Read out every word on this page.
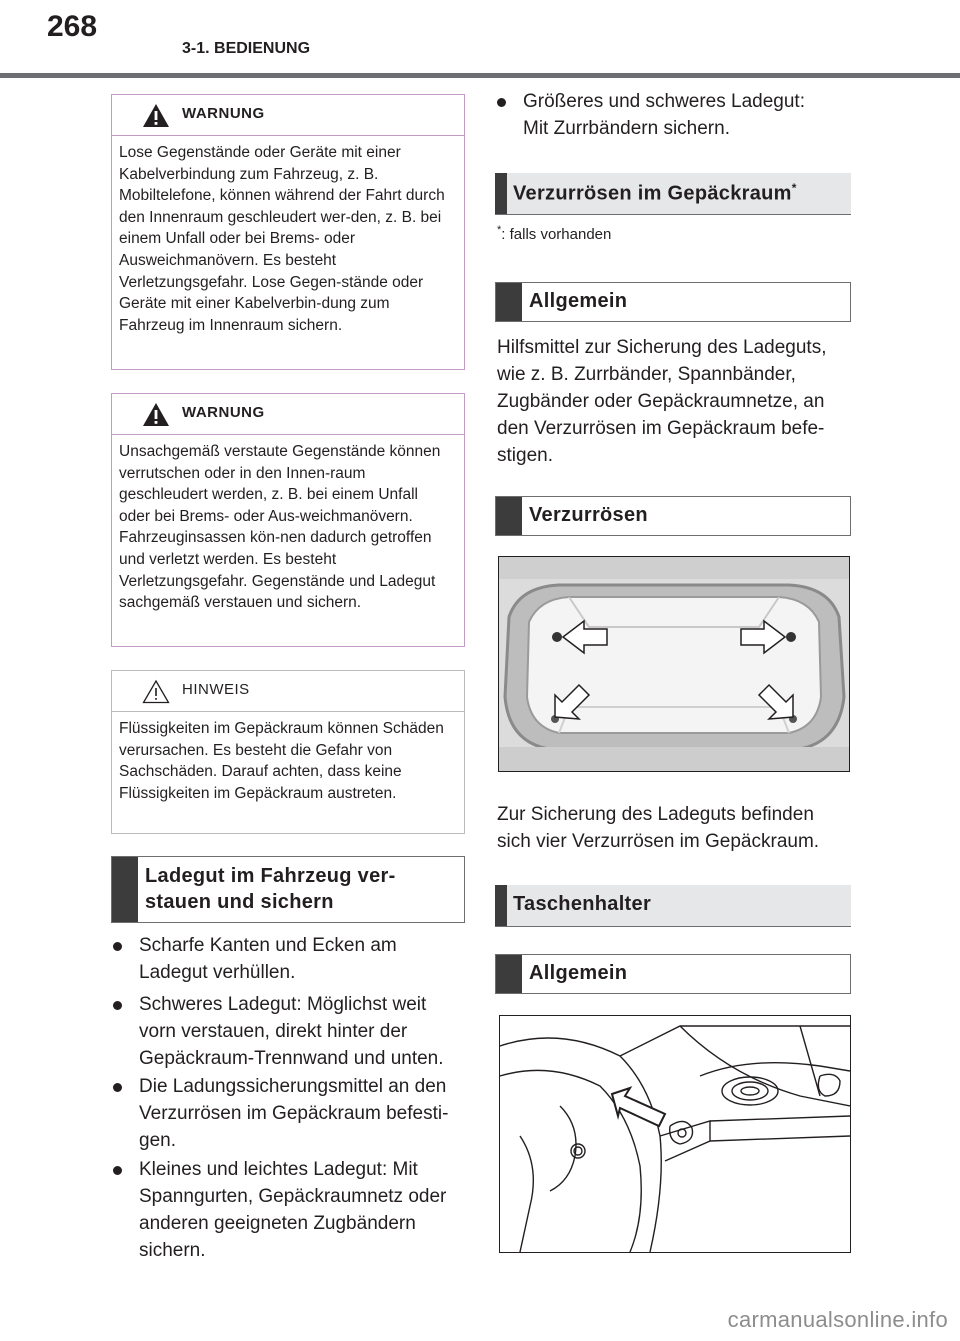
268
3-1. BEDIENUNG
WARNUNG
Lose Gegenstände oder Geräte mit einer Kabelverbindung zum Fahrzeug, z. B. Mobiltelefone, können während der Fahrt durch den Innenraum geschleudert wer-den, z. B. bei einem Unfall oder bei Brems- oder Ausweichmanövern. Es besteht Verletzungsgefahr. Lose Gegen-stände oder Geräte mit einer Kabelverbin-dung zum Fahrzeug im Innenraum sichern.
WARNUNG
Unsachgemäß verstaute Gegenstände können verrutschen oder in den Innen-raum geschleudert werden, z. B. bei einem Unfall oder bei Brems- oder Aus-weichmanövern. Fahrzeuginsassen kön-nen dadurch getroffen und verletzt werden. Es besteht Verletzungsgefahr. Gegenstände und Ladegut sachgemäß verstauen und sichern.
HINWEIS
Flüssigkeiten im Gepäckraum können Schäden verursachen. Es besteht die Gefahr von Sachschäden. Darauf achten, dass keine Flüssigkeiten im Gepäckraum austreten.
Ladegut im Fahrzeug ver-
stauen und sichern
Scharfe Kanten und Ecken am
Ladegut verhüllen.
Schweres Ladegut: Möglichst weit
vorn verstauen, direkt hinter der
Gepäckraum-Trennwand und unten.
Die Ladungssicherungsmittel an den
Verzurrösen im Gepäckraum befesti-
gen.
Kleines und leichtes Ladegut: Mit
Spanngurten, Gepäckraumnetz oder
anderen geeigneten Zugbändern
sichern.
Größeres und schweres Ladegut:
Mit Zurrbändern sichern.
Verzurrösen im Gepäckraum*
*: falls vorhanden
Allgemein
Hilfsmittel zur Sicherung des Ladeguts,
wie z. B. Zurrbänder, Spannbänder,
Zugbänder oder Gepäckraumnetze, an
den Verzurrösen im Gepäckraum befe-
stigen.
Verzurrösen
Zur Sicherung des Ladeguts befinden
sich vier Verzurrösen im Gepäckraum.
Taschenhalter
Allgemein
carmanualsonline.info
